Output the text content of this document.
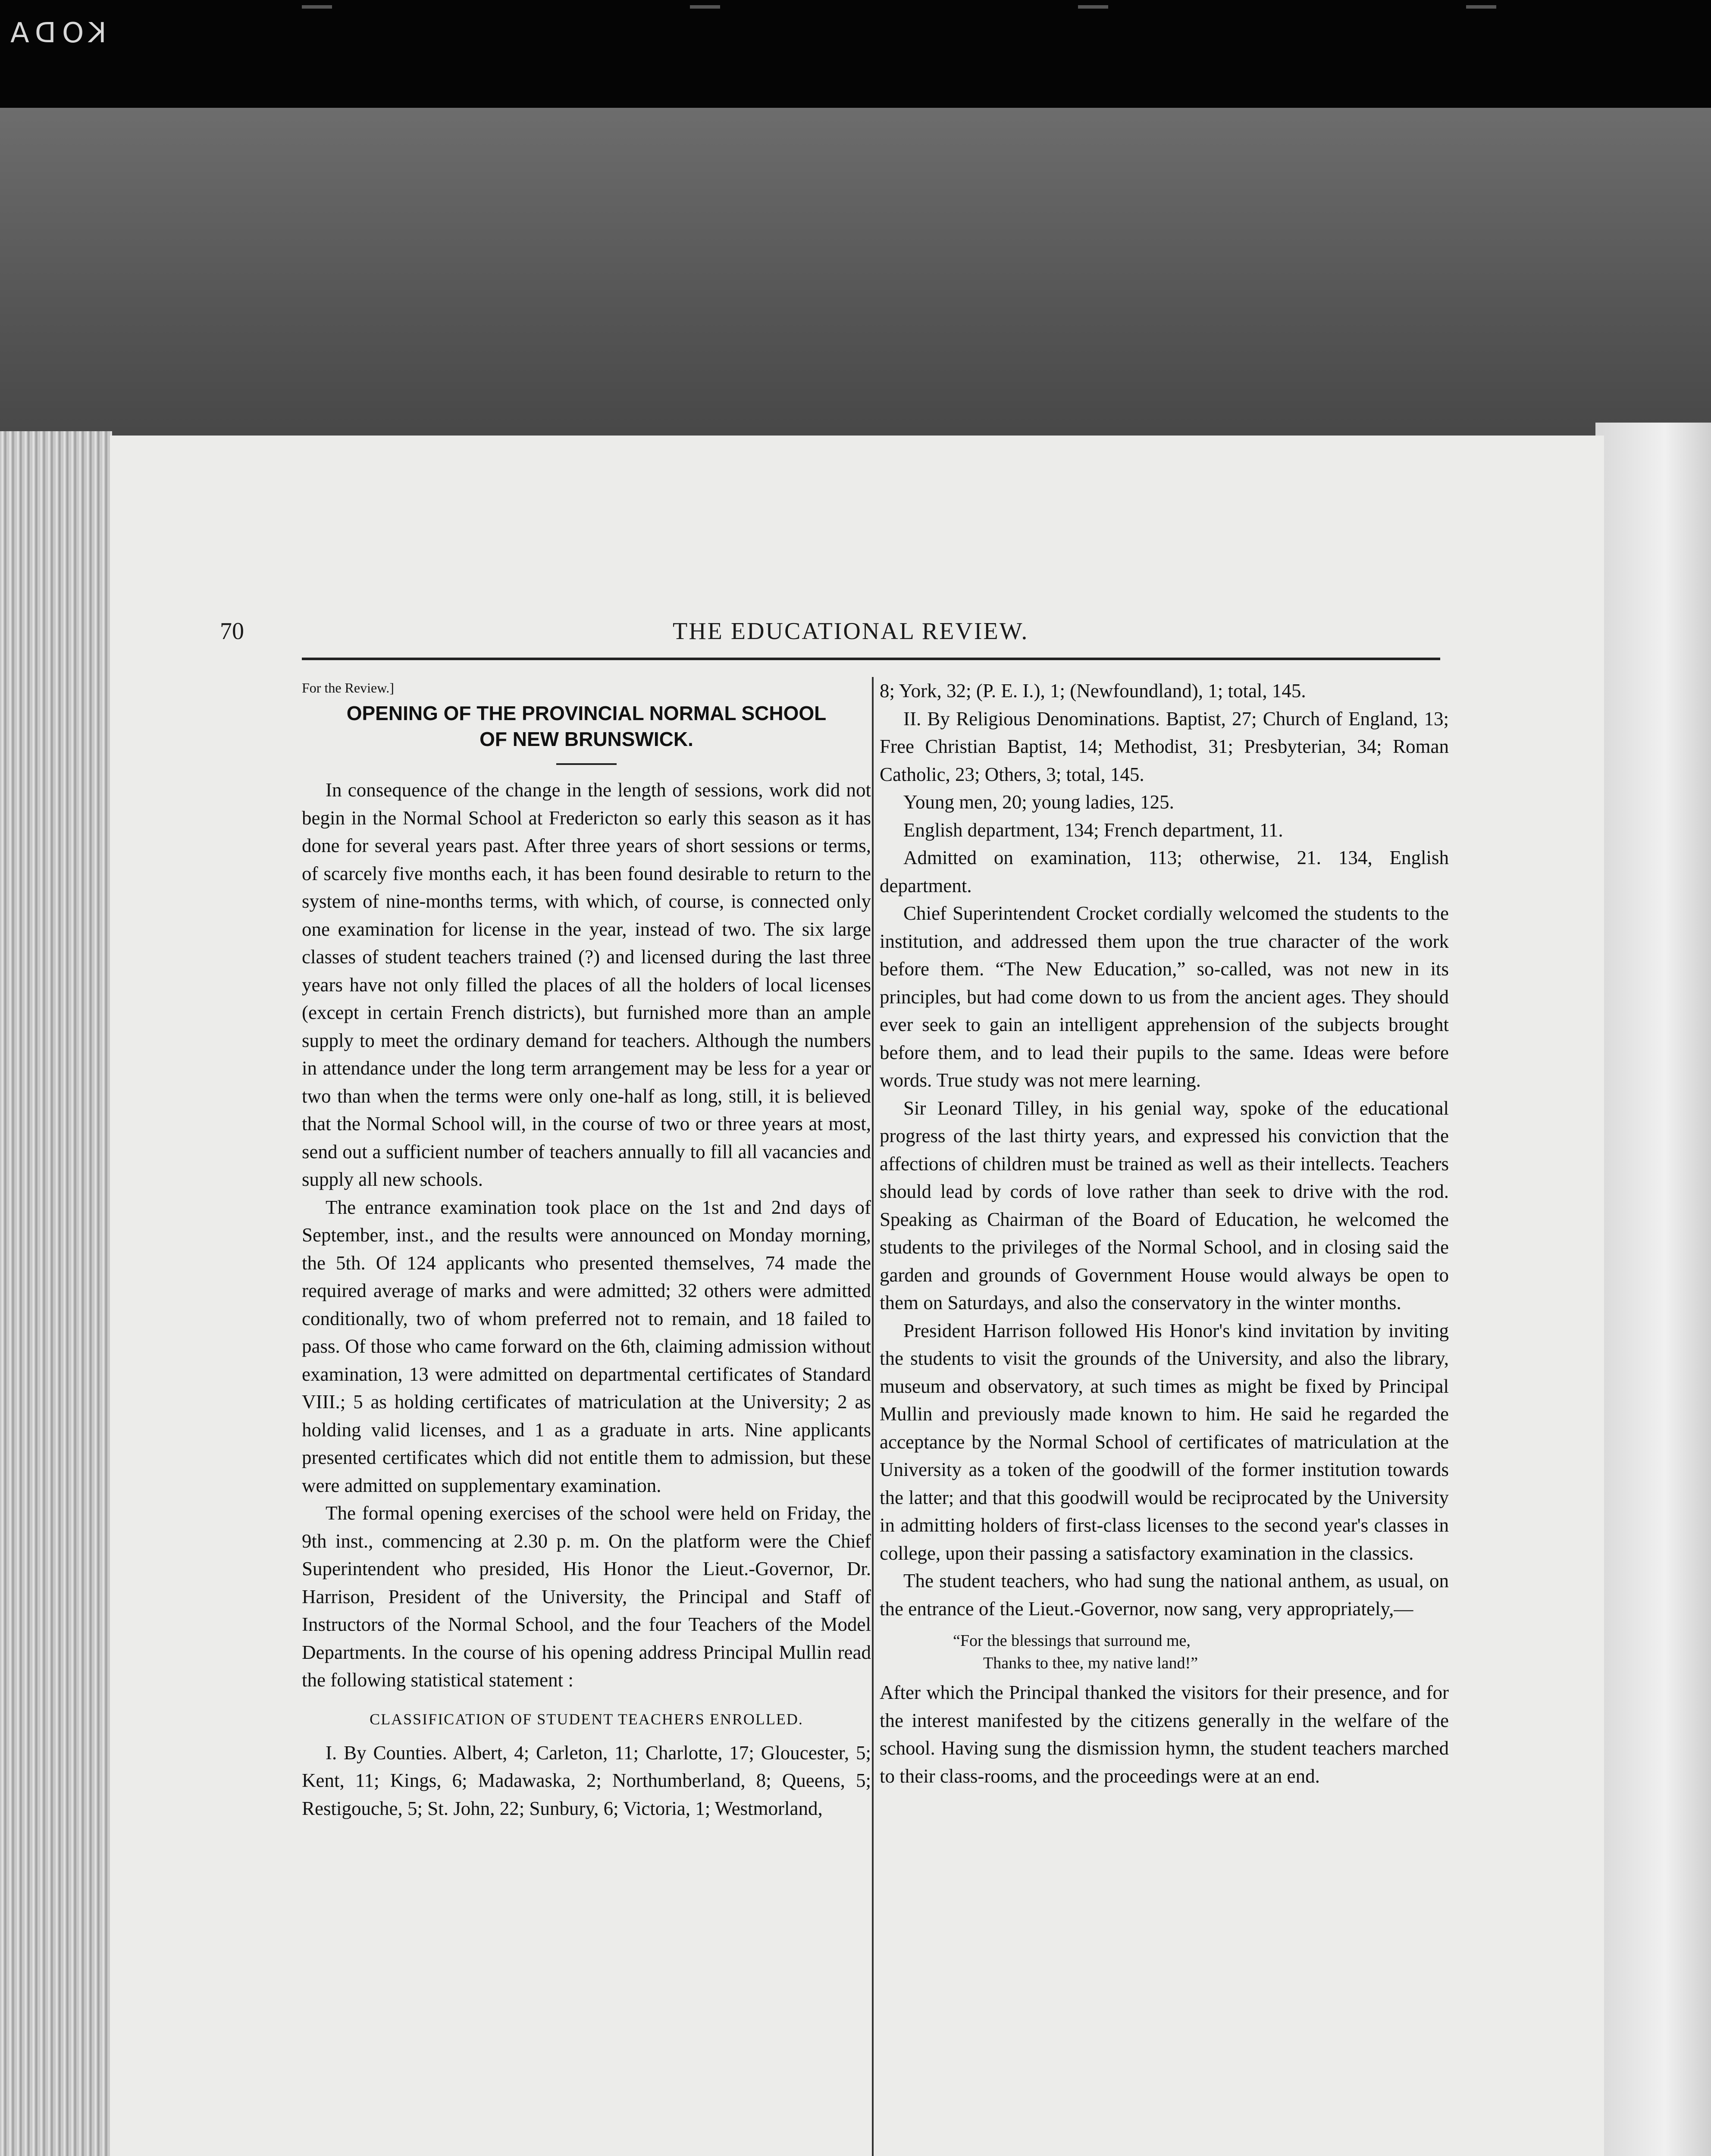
KODA
70	THE EDUCATIONAL REVIEW.

For the Review.]

OPENING OF THE PROVINCIAL NORMAL SCHOOL
OF NEW BRUNSWICK.

In consequence of the change in the length of sessions, work did not begin in the Normal School at Fredericton so early this season as it has done for several years past. After three years of short sessions or terms, of scarcely five months each, it has been found desirable to return to the system of nine-months terms, with which, of course, is connected only one examination for license in the year, instead of two. The six large classes of student teachers trained (?) and licensed during the last three years have not only filled the places of all the holders of local licenses (except in certain French districts), but furnished more than an ample supply to meet the ordinary demand for teachers. Although the numbers in attendance under the long term arrangement may be less for a year or two than when the terms were only one-half as long, still, it is believed that the Normal School will, in the course of two or three years at most, send out a sufficient number of teachers annually to fill all vacancies and supply all new schools.

The entrance examination took place on the 1st and 2nd days of September, inst., and the results were announced on Monday morning, the 5th. Of 124 applicants who presented themselves, 74 made the required average of marks and were admitted; 32 others were admitted conditionally, two of whom preferred not to remain, and 18 failed to pass. Of those who came forward on the 6th, claiming admission without examination, 13 were admitted on departmental certificates of Standard VIII.; 5 as holding certificates of matriculation at the University; 2 as holding valid licenses, and 1 as a graduate in arts. Nine applicants presented certificates which did not entitle them to admission, but these were admitted on supplementary examination.

The formal opening exercises of the school were held on Friday, the 9th inst., commencing at 2.30 p. m. On the platform were the Chief Superintendent who presided, His Honor the Lieut.-Governor, Dr. Harrison, President of the University, the Principal and Staff of Instructors of the Normal School, and the four Teachers of the Model Departments. In the course of his opening address Principal Mullin read the following statistical statement :

CLASSIFICATION OF STUDENT TEACHERS ENROLLED.

I. By Counties. Albert, 4; Carleton, 11; Charlotte, 17; Gloucester, 5; Kent, 11; Kings, 6; Madawaska, 2; Northumberland, 8; Queens, 5; Restigouche, 5; St. John, 22; Sunbury, 6; Victoria, 1; Westmorland,

8; York, 32; (P. E. I.), 1; (Newfoundland), 1; total, 145.

II. By Religious Denominations. Baptist, 27; Church of England, 13; Free Christian Baptist, 14; Methodist, 31; Presbyterian, 34; Roman Catholic, 23; Others, 3; total, 145.

Young men, 20; young ladies, 125.

English department, 134; French department, 11.

Admitted on examination, 113; otherwise, 21. 134, English department.

Chief Superintendent Crocket cordially welcomed the students to the institution, and addressed them upon the true character of the work before them. “The New Education,” so-called, was not new in its principles, but had come down to us from the ancient ages. They should ever seek to gain an intelligent apprehension of the subjects brought before them, and to lead their pupils to the same. Ideas were before words. True study was not mere learning.

Sir Leonard Tilley, in his genial way, spoke of the educational progress of the last thirty years, and expressed his conviction that the affections of children must be trained as well as their intellects. Teachers should lead by cords of love rather than seek to drive with the rod. Speaking as Chairman of the Board of Education, he welcomed the students to the privileges of the Normal School, and in closing said the garden and grounds of Government House would always be open to them on Saturdays, and also the conservatory in the winter months.

President Harrison followed His Honor's kind invitation by inviting the students to visit the grounds of the University, and also the library, museum and observatory, at such times as might be fixed by Principal Mullin and previously made known to him. He said he regarded the acceptance by the Normal School of certificates of matriculation at the University as a token of the goodwill of the former institution towards the latter; and that this goodwill would be reciprocated by the University in admitting holders of first-class licenses to the second year's classes in college, upon their passing a satisfactory examination in the classics.

The student teachers, who had sung the national anthem, as usual, on the entrance of the Lieut.-Governor, now sang, very appropriately,—

“For the blessings that surround me,
Thanks to thee, my native land!”

After which the Principal thanked the visitors for their presence, and for the interest manifested by the citizens generally in the welfare of the school. Having sung the dismission hymn, the student teachers marched to their class-rooms, and the proceedings were at an end.
